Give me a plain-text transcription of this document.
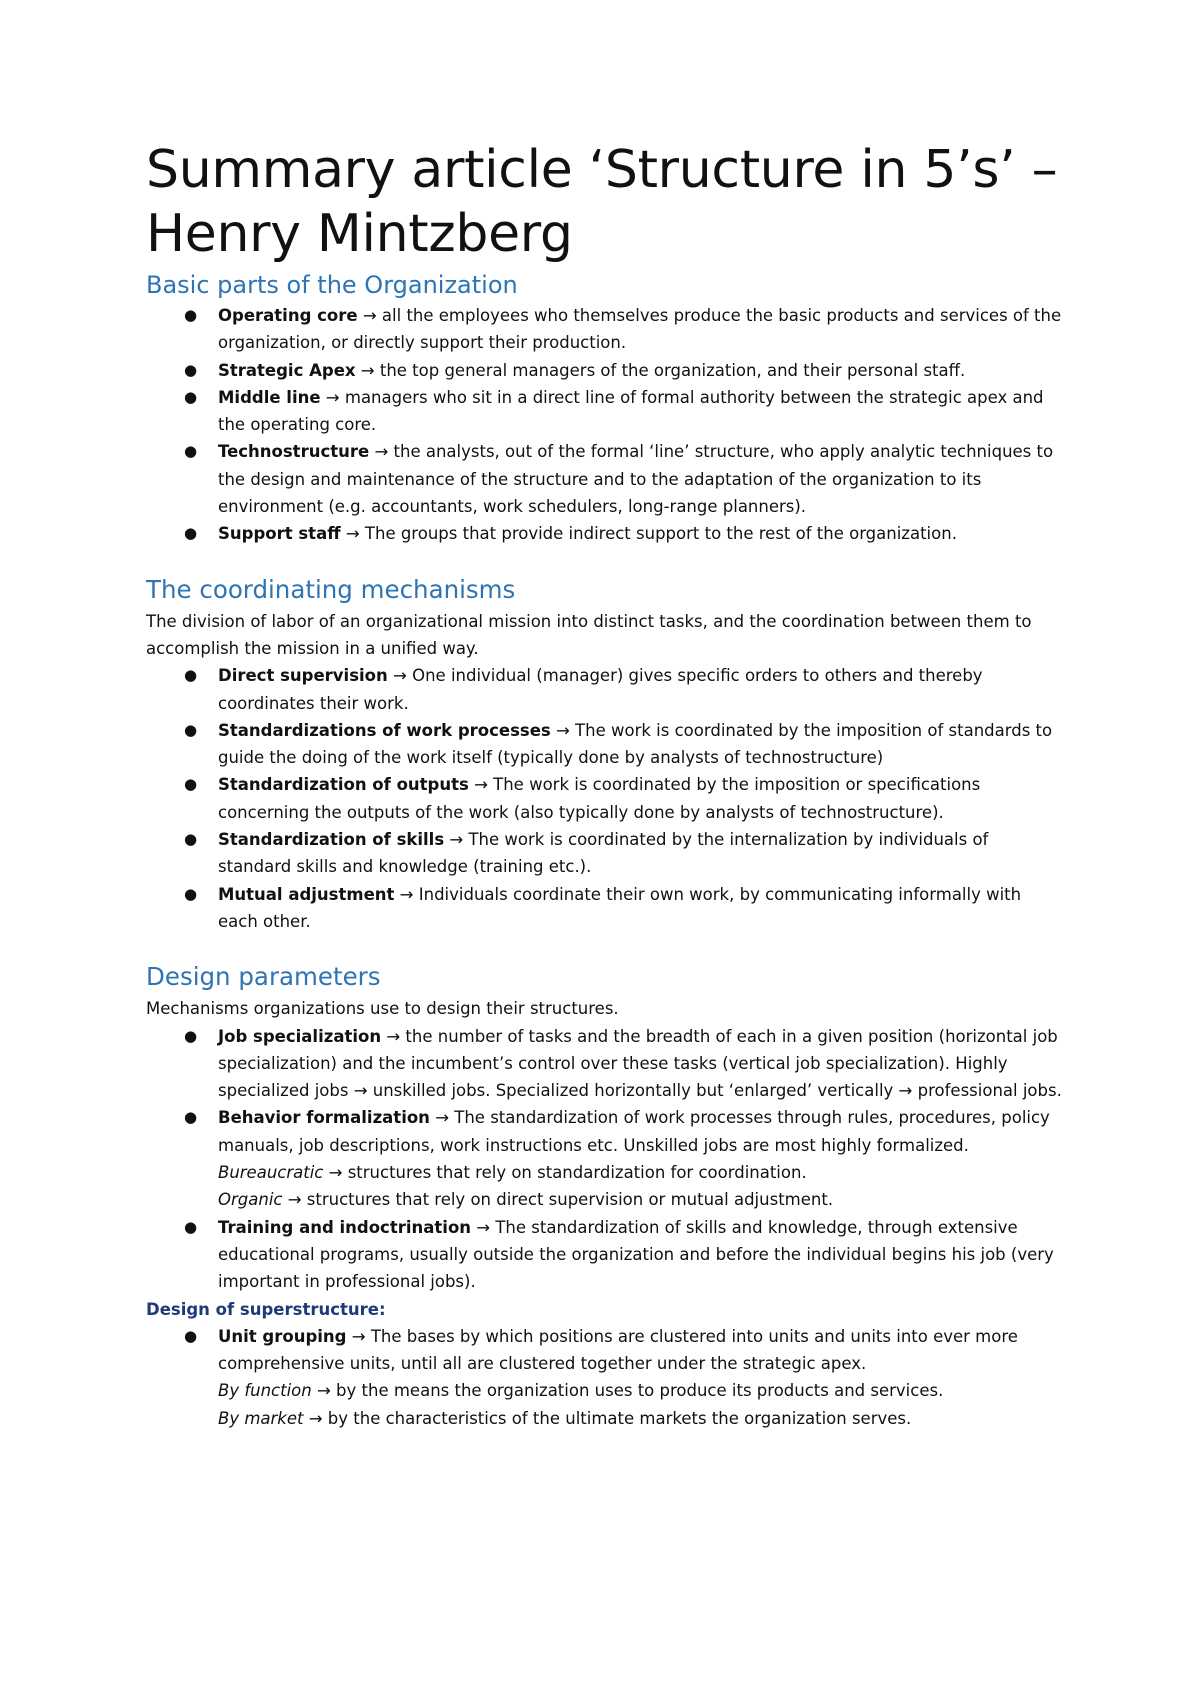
Summary article ‘Structure in 5’s’ – Henry Mintzberg
Basic parts of the Organization
● Operating core → all the employees who themselves produce the basic products and services of the organization, or directly support their production.
● Strategic Apex → the top general managers of the organization, and their personal staff.
● Middle line → managers who sit in a direct line of formal authority between the strategic apex and the operating core.
● Technostructure → the analysts, out of the formal ‘line’ structure, who apply analytic techniques to the design and maintenance of the structure and to the adaptation of the organization to its environment (e.g. accountants, work schedulers, long-range planners).
● Support staff → The groups that provide indirect support to the rest of the organization.
The coordinating mechanisms

The division of labor of an organizational mission into distinct tasks, and the coordination between them to accomplish the mission in a unified way.

● Direct supervision → One individual (manager) gives specific orders to others and thereby coordinates their work.
● Standardizations of work processes → The work is coordinated by the imposition of standards to guide the doing of the work itself (typically done by analysts of technostructure)
● Standardization of outputs → The work is coordinated by the imposition or specifications concerning the outputs of the work (also typically done by analysts of technostructure).
● Standardization of skills → The work is coordinated by the internalization by individuals of standard skills and knowledge (training etc.).
● Mutual adjustment → Individuals coordinate their own work, by communicating informally with each other.
Design parameters

Mechanisms organizations use to design their structures.

● Job specialization → the number of tasks and the breadth of each in a given position (horizontal job specialization) and the incumbent’s control over these tasks (vertical job specialization). Highly specialized jobs → unskilled jobs. Specialized horizontally but ‘enlarged’ vertically → professional jobs.
● Behavior formalization → The standardization of work processes through rules, procedures, policy manuals, job descriptions, work instructions etc. Unskilled jobs are most highly formalized.
Bureaucratic → structures that rely on standardization for coordination.
Organic → structures that rely on direct supervision or mutual adjustment.
● Training and indoctrination → The standardization of skills and knowledge, through extensive educational programs, usually outside the organization and before the individual begins his job (very important in professional jobs).
Design of superstructure:
● Unit grouping → The bases by which positions are clustered into units and units into ever more comprehensive units, until all are clustered together under the strategic apex.
By function → by the means the organization uses to produce its products and services.
By market → by the characteristics of the ultimate markets the organization serves.
